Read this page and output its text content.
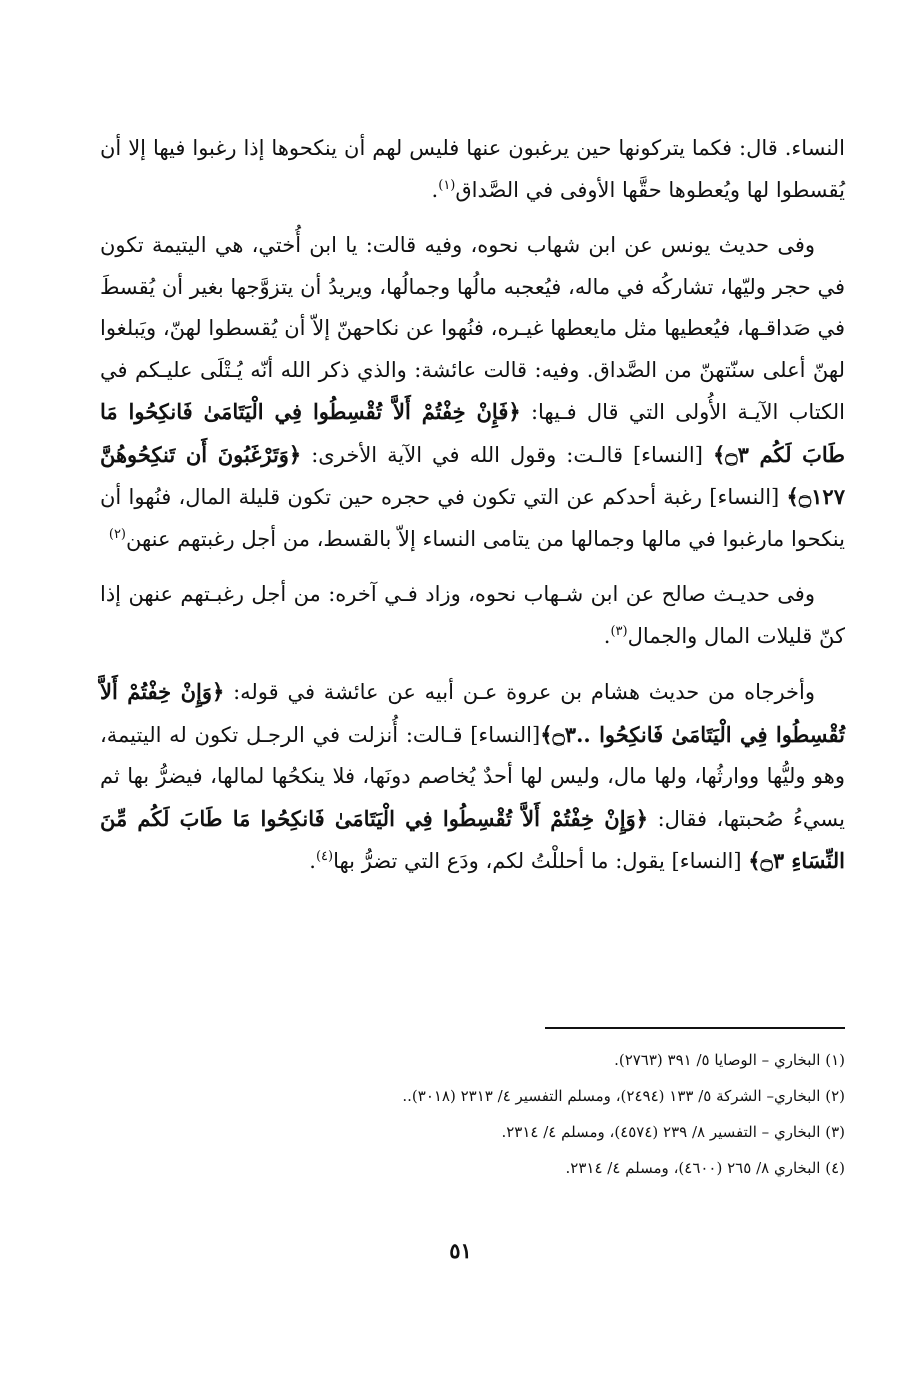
النساء. قال: فكما يتركونها حين يرغبون عنها فليس لهم أن ينكحوها إذا رغبوا فيها إلا أن يُقسطوا لها ويُعطوها حقَّها الأوفى في الصَّداق$^{(١)}$.

وفى حديث يونس عن ابن شهاب نحوه، وفيه قالت: يا ابن أُختي، هي اليتيمة تكون في حجر وليّها، تشاركُه في ماله، فيُعجبه مالُها وجمالُها، ويريدُ أن يتزوَّجها بغير أن يُقسطَ في صَداقـها، فيُعطيها مثل مايعطها غيـره، فنُهوا عن نكاحهنّ إلاّ أن يُقسطوا لهنّ، ويَبلغوا لهنّ أعلى سنّتهنّ من الصَّداق. وفيه: قالت عائشة: والذي ذكر الله أنّه يُـتْلَى عليـكم في الكتاب الآيـة الأُولى التي قال فـيها: ﴿فَإِنْ خِفْتُمْ أَلاَّ تُقْسِطُوا فِي الْيَتَامَىٰ فَانكِحُوا مَا طَابَ لَكُم ۝٣﴾ [النساء] قالـت: وقول الله في الآية الأخرى: ﴿وَتَرْغَبُونَ أَن تَنكِحُوهُنَّ ۝١٢٧﴾ [النساء] رغبة أحدكم عن التي تكون في حجره حين تكون قليلة المال، فنُهوا أن ينكحوا مارغبوا في مالها وجمالها من يتامى النساء إلاّ بالقسط، من أجل رغبتهم عنهن$^{(٢)}$

وفى حديـث صالح عن ابن شـهاب نحوه، وزاد فـي آخره: من أجل رغبـتهم عنهن إذا كنّ قليلات المال والجمال$^{(٣)}$.

وأخرجاه من حديث هشام بن عروة عـن أبيه عن عائشة في قوله: ﴿وَإِنْ خِفْتُمْ أَلاَّ تُقْسِطُوا فِي الْيَتَامَىٰ فَانكِحُوا ..۝٣﴾[النساء] قـالت: أُنزلت في الرجـل تكون له اليتيمة، وهو وليُّها ووارثُها، ولها مال، وليس لها أحدٌ يُخاصم دونَها، فلا ينكحُها لمالها، فيضرُّ بها ثم يسيءُ صُحبتها، فقال: ﴿وَإِنْ خِفْتُمْ أَلاَّ تُقْسِطُوا فِي الْيَتَامَىٰ فَانكِحُوا مَا طَابَ لَكُم مِّنَ النِّسَاءِ ۝٣﴾ [النساء] يقول: ما أحللْتُ لكم، ودَع التي تضرُّ بها$^{(٤)}$.

(١) البخاري – الوصايا ٥/ ٣٩١ (٢٧٦٣).

(٢) البخاري– الشركة ٥/ ١٣٣ (٢٤٩٤)، ومسلم التفسير ٤/ ٢٣١٣ (٣٠١٨)..

(٣) البخاري – التفسير ٨/ ٢٣٩ (٤٥٧٤)، ومسلم ٤/ ٢٣١٤.

(٤) البخاري ٨/ ٢٦٥ (٤٦٠٠)، ومسلم ٤/ ٢٣١٤.

٥١
